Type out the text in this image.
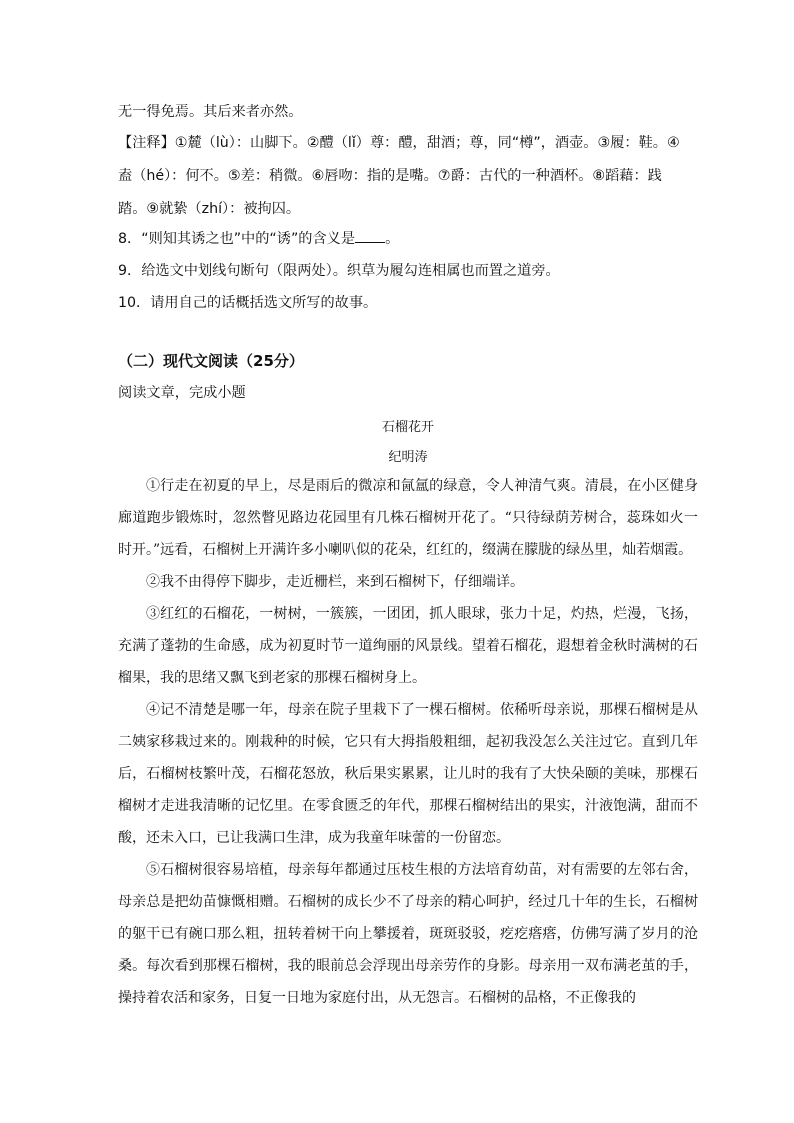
无一得免焉。其后来者亦然。
【注释】①麓（lù）：山脚下。②醴（lǐ）尊：醴，甜酒；尊，同“樽”，酒壶。③履：鞋。④
盍（hé）：何不。⑤差：稍微。⑥唇吻：指的是嘴。⑦爵：古代的一种酒杯。⑧蹈藉：践
踏。⑨就絷（zhí）：被拘囚。
8．“则知其诱之也”中的“诱”的含义是 。
9．给选文中划线句断句（限两处）。织草为履勾连相属也而置之道旁。
10．请用自己的话概括选文所写的故事。
（二）现代文阅读（25分）
阅读文章，完成小题
石榴花开
纪明涛

①行走在初夏的早上，尽是雨后的微凉和氤氲的绿意，令人神清气爽。清晨，在小区健身廊道跑步锻炼时，忽然瞥见路边花园里有几株石榴树开花了。“只待绿荫芳树合，蕊珠如火一时开。”远看，石榴树上开满许多小喇叭似的花朵，红红的，缀满在朦胧的绿丛里，灿若烟霞。

②我不由得停下脚步，走近栅栏，来到石榴树下，仔细端详。

③红红的石榴花，一树树，一簇簇，一团团，抓人眼球，张力十足，灼热，烂漫，飞扬，充满了蓬勃的生命感，成为初夏时节一道绚丽的风景线。望着石榴花，遐想着金秋时满树的石榴果，我的思绪又飘飞到老家的那棵石榴树身上。

④记不清楚是哪一年，母亲在院子里栽下了一棵石榴树。依稀听母亲说，那棵石榴树是从二姨家移栽过来的。刚栽种的时候，它只有大拇指般粗细，起初我没怎么关注过它。直到几年后，石榴树枝繁叶茂，石榴花怒放，秋后果实累累，让儿时的我有了大快朵颐的美味，那棵石榴树才走进我清晰的记忆里。在零食匮乏的年代，那棵石榴树结出的果实，汁液饱满，甜而不酸，还未入口，已让我满口生津，成为我童年味蕾的一份留恋。

⑤石榴树很容易培植，母亲每年都通过压枝生根的方法培育幼苗，对有需要的左邻右舍，母亲总是把幼苗慷慨相赠。石榴树的成长少不了母亲的精心呵护，经过几十年的生长，石榴树的躯干已有碗口那么粗，扭转着树干向上攀援着，斑斑驳驳，疙疙瘩瘩，仿佛写满了岁月的沧桑。每次看到那棵石榴树，我的眼前总会浮现出母亲劳作的身影。母亲用一双布满老茧的手，操持着农活和家务，日复一日地为家庭付出，从无怨言。石榴树的品格，不正像我的
